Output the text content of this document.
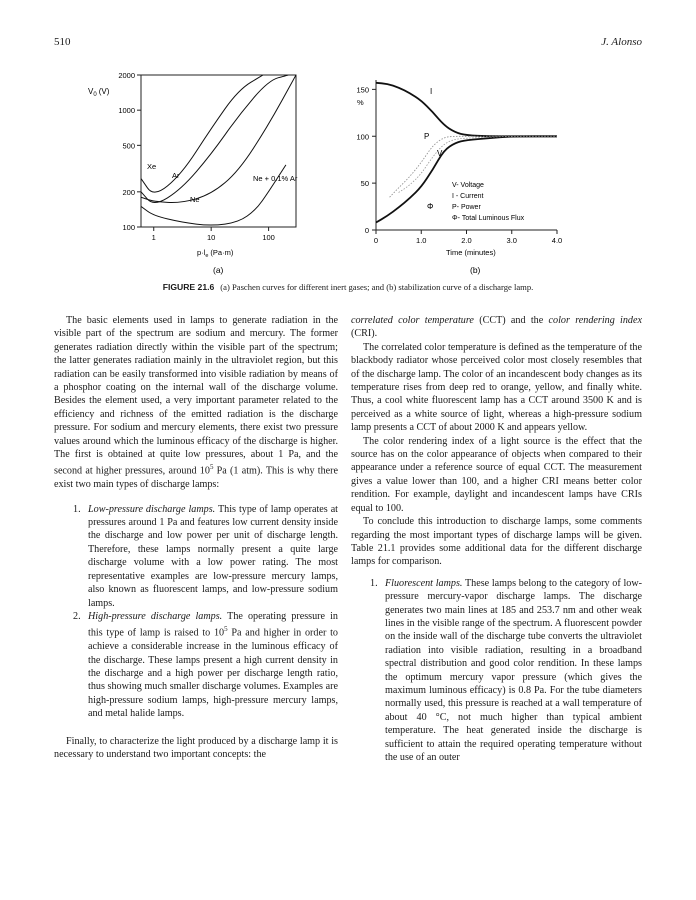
510	J. Alonso
2000
1000
500
200
100
1	10	100
$V_0$ (V)
$p\cdot l_e$ (Pa·m)
Xe
Ar
Ne
Ne + 0.1% Ar
(a)
150
100
50
0
0	1.0	2.0	3.0	4.0
%
Time (minutes)
I
P
V
Φ
V- Voltage
I - Current
P- Power
Φ- Total Luminous Flux
(b)
FIGURE 21.6 (a) Paschen curves for different inert gases; and (b) stabilization curve of a discharge lamp.

The basic elements used in lamps to generate radiation in the visible part of the spectrum are sodium and mercury. The former generates radiation directly within the visible part of the spectrum; the latter generates radiation mainly in the ultraviolet region, but this radiation can be easily transformed into visible radiation by means of a phosphor coating on the internal wall of the discharge volume. Besides the element used, a very important parameter related to the efficiency and richness of the emitted radiation is the discharge pressure. For sodium and mercury elements, there exist two pressure values around which the luminous efficacy of the discharge is higher. The first is obtained at quite low pressures, about 1 Pa, and the second at higher pressures, around $10^5$ Pa (1 atm). This is why there exist two main types of discharge lamps:

1. Low-pressure discharge lamps. This type of lamp operates at pressures around 1 Pa and features low current density inside the discharge and low power per unit of discharge length. Therefore, these lamps normally present a quite large discharge volume with a low power rating. The most representative examples are low-pressure mercury lamps, also known as fluorescent lamps, and low-pressure sodium lamps.
2. High-pressure discharge lamps. The operating pressure in this type of lamp is raised to $10^5$ Pa and higher in order to achieve a considerable increase in the luminous efficacy of the discharge. These lamps present a high current density in the discharge and a high power per discharge length ratio, thus showing much smaller discharge volumes. Examples are high-pressure sodium lamps, high-pressure mercury lamps, and metal halide lamps.

Finally, to characterize the light produced by a discharge lamp it is necessary to understand two important concepts: the

correlated color temperature (CCT) and the color rendering index (CRI).

The correlated color temperature is defined as the temperature of the blackbody radiator whose perceived color most closely resembles that of the discharge lamp. The color of an incandescent body changes as its temperature rises from deep red to orange, yellow, and finally white. Thus, a cool white fluorescent lamp has a CCT around 3500 K and is perceived as a white source of light, whereas a high-pressure sodium lamp presents a CCT of about 2000 K and appears yellow.

The color rendering index of a light source is the effect that the source has on the color appearance of objects when compared to their appearance under a reference source of equal CCT. The measurement gives a value lower than 100, and a higher CRI means better color rendition. For example, daylight and incandescent lamps have CRIs equal to 100.

To conclude this introduction to discharge lamps, some comments regarding the most important types of discharge lamps will be given. Table 21.1 provides some additional data for the different discharge lamps for comparison.

1. Fluorescent lamps. These lamps belong to the category of low-pressure mercury-vapor discharge lamps. The discharge generates two main lines at 185 and 253.7 nm and other weak lines in the visible range of the spectrum. A fluorescent powder on the inside wall of the discharge tube converts the ultraviolet radiation into visible radiation, resulting in a broadband spectral distribution and good color rendition. In these lamps the optimum mercury vapor pressure (which gives the maximum luminous efficacy) is 0.8 Pa. For the tube diameters normally used, this pressure is reached at a wall temperature of about 40 °C, not much higher than typical ambient temperature. The heat generated inside the discharge is sufficient to attain the required operating temperature without the use of an outer
